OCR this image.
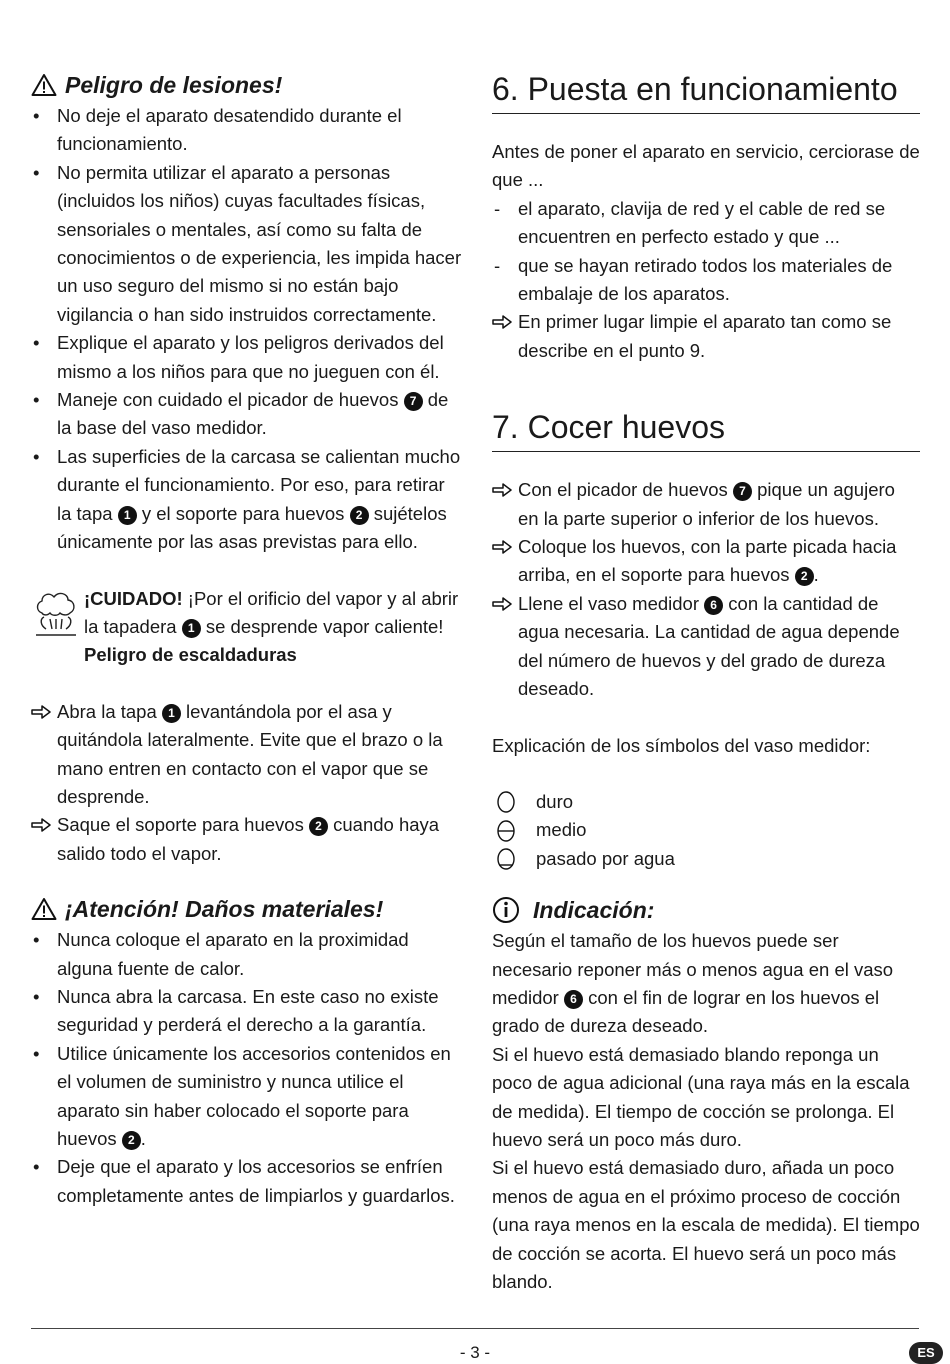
Peligro de lesiones!
• No deje el aparato desatendido durante el funcionamiento.
• No permita utilizar el aparato a personas (incluidos los niños) cuyas facultades físicas, sensoriales o mentales, así como su falta de conocimientos o de experiencia, les impida hacer un uso seguro del mismo si no están bajo vigilancia o han sido instruidos correctamente.
• Explique el aparato y los peligros derivados del mismo a los niños para que no jueguen con él.
• Maneje con cuidado el picador de huevos 7 de la base del vaso medidor.
• Las superficies de la carcasa se calientan mucho durante el funcionamiento. Por eso, para retirar la tapa 1 y el soporte para huevos 2 sujételos únicamente por las asas previstas para ello.
¡CUIDADO! ¡Por el orificio del vapor y al abrir la tapadera 1 se desprende vapor caliente! Peligro de escaldaduras

Abra la tapa 1 levantándola por el asa y quitándola lateralmente. Evite que el brazo o la mano entren en contacto con el vapor que se desprende.

Saque el soporte para huevos 2 cuando haya salido todo el vapor.

¡Atención! Daños materiales!
• Nunca coloque el aparato en la proximidad alguna fuente de calor.
• Nunca abra la carcasa. En este caso no existe seguridad y perderá el derecho a la garantía.
• Utilice únicamente los accesorios contenidos en el volumen de suministro y nunca utilice el aparato sin haber colocado el soporte para huevos 2 .
• Deje que el aparato y los accesorios se enfríen completamente antes de limpiarlos y guardarlos.
6. Puesta en funcionamiento

Antes de poner el aparato en servicio, cerciorase de que ...

- el aparato, clavija de red y el cable de red se encuentren en perfecto estado y que ...
- que se hayan retirado todos los materiales de embalaje de los aparatos.

En primer lugar limpie el aparato tan como se describe en el punto 9.

7. Cocer huevos

Con el picador de huevos 7 pique un agujero en la parte superior o inferior de los huevos.

Coloque los huevos, con la parte picada hacia arriba, en el soporte para huevos 2 .

Llene el vaso medidor 6 con la cantidad de agua necesaria. La cantidad de agua depende del número de huevos y del grado de dureza deseado.

Explicación de los símbolos del vaso medidor:

duro
medio
pasado por agua
Indicación:

Según el tamaño de los huevos puede ser necesario reponer más o menos agua en el vaso medidor 6 con el fin de lograr en los huevos el grado de dureza deseado.

Si el huevo está demasiado blando reponga un poco de agua adicional (una raya más en la escala de medida). El tiempo de cocción se prolonga. El huevo será un poco más duro.

Si el huevo está demasiado duro, añada un poco menos de agua en el próximo proceso de cocción (una raya menos en la escala de medida). El tiempo de cocción se acorta. El huevo será un poco más blando.

- 3 -	ES
